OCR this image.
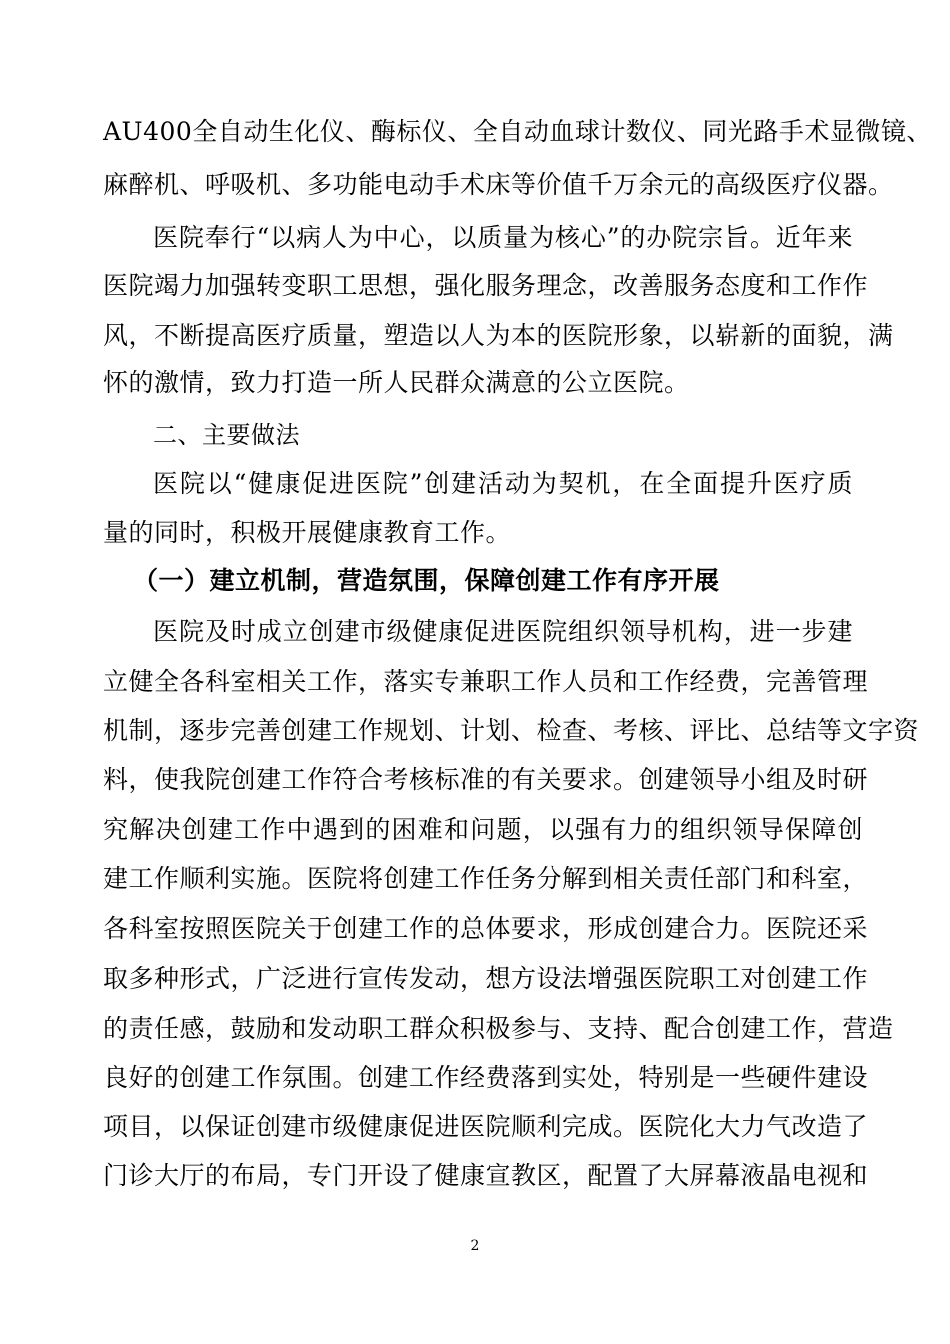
AU400全自动生化仪、酶标仪、全自动血球计数仪、同光路手术显微镜、
麻醉机、呼吸机、多功能电动手术床等价值千万余元的高级医疗仪器。
医院奉行“以病人为中心，以质量为核心”的办院宗旨。近年来
医院竭力加强转变职工思想，强化服务理念，改善服务态度和工作作
风，不断提高医疗质量，塑造以人为本的医院形象，以崭新的面貌，满
怀的激情，致力打造一所人民群众满意的公立医院。
二、主要做法
医院以“健康促进医院”创建活动为契机，在全面提升医疗质
量的同时，积极开展健康教育工作。
（一）建立机制，营造氛围，保障创建工作有序开展
医院及时成立创建市级健康促进医院组织领导机构，进一步建
立健全各科室相关工作，落实专兼职工作人员和工作经费，完善管理
机制，逐步完善创建工作规划、计划、检查、考核、评比、总结等文字资
料，使我院创建工作符合考核标准的有关要求。创建领导小组及时研
究解决创建工作中遇到的困难和问题，以强有力的组织领导保障创
建工作顺利实施。医院将创建工作任务分解到相关责任部门和科室，
各科室按照医院关于创建工作的总体要求，形成创建合力。医院还采
取多种形式，广泛进行宣传发动，想方设法增强医院职工对创建工作
的责任感，鼓励和发动职工群众积极参与、支持、配合创建工作，营造
良好的创建工作氛围。创建工作经费落到实处，特别是一些硬件建设
项目，以保证创建市级健康促进医院顺利完成。医院化大力气改造了
门诊大厅的布局，专门开设了健康宣教区，配置了大屏幕液晶电视和
2
